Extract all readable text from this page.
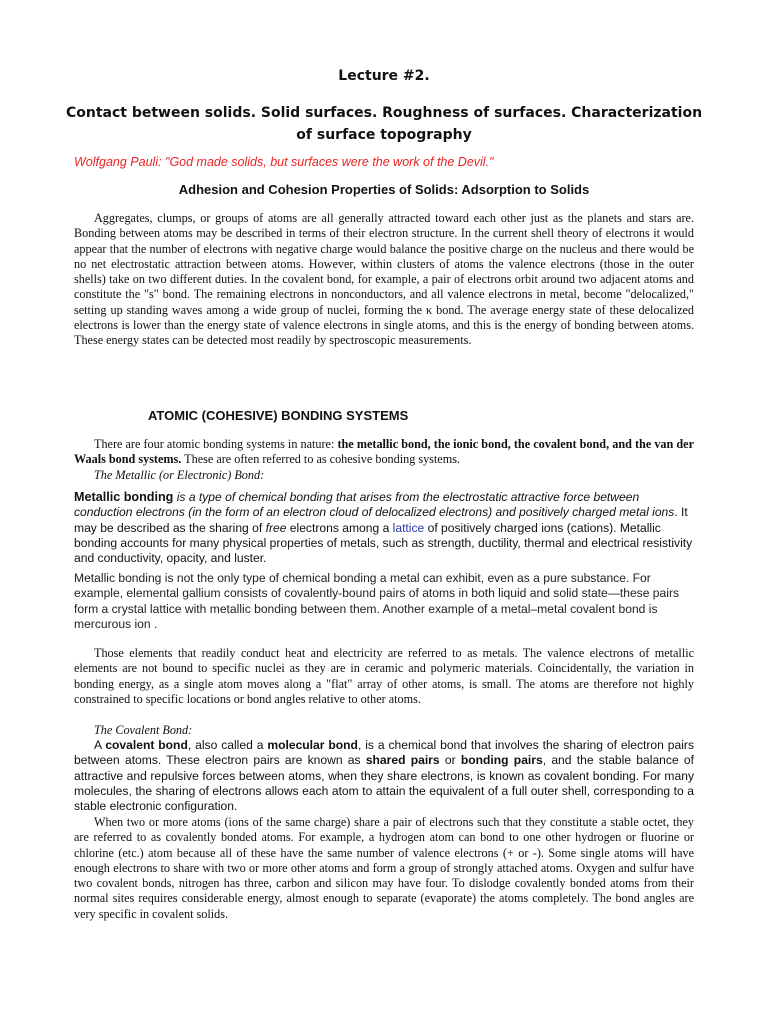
Lecture #2.
Contact between solids. Solid surfaces. Roughness of surfaces. Characterization of surface topography
Wolfgang Pauli: "God made solids, but surfaces were the work of the Devil."
Adhesion and Cohesion Properties of Solids: Adsorption to Solids

Aggregates, clumps, or groups of atoms are all generally attracted toward each other just as the planets and stars are. Bonding between atoms may be described in terms of their electron structure. In the current shell theory of electrons it would appear that the number of electrons with negative charge would balance the positive charge on the nucleus and there would be no net electrostatic attraction between atoms. However, within clusters of atoms the valence electrons (those in the outer shells) take on two different duties. In the covalent bond, for example, a pair of electrons orbit around two adjacent atoms and constitute the "s" bond. The remaining electrons in nonconductors, and all valence electrons in metal, become "delocalized," setting up standing waves among a wide group of nuclei, forming the κ bond. The average energy state of these delocalized electrons is lower than the energy state of valence electrons in single atoms, and this is the energy of bonding between atoms. These energy states can be detected most readily by spectroscopic measurements.

ATOMIC (COHESIVE) BONDING SYSTEMS

There are four atomic bonding systems in nature: the metallic bond, the ionic bond, the covalent bond, and the van der Waals bond systems. These are often referred to as cohesive bonding systems.

The Metallic (or Electronic) Bond:

Metallic bonding is a type of chemical bonding that arises from the electrostatic attractive force between conduction electrons (in the form of an electron cloud of delocalized electrons) and positively charged metal ions. It may be described as the sharing of free electrons among a lattice of positively charged ions (cations). Metallic bonding accounts for many physical properties of metals, such as strength, ductility, thermal and electrical resistivity and conductivity, opacity, and luster.

Metallic bonding is not the only type of chemical bonding a metal can exhibit, even as a pure substance. For example, elemental gallium consists of covalently-bound pairs of atoms in both liquid and solid state—these pairs form a crystal lattice with metallic bonding between them. Another example of a metal–metal covalent bond is mercurous ion .

Those elements that readily conduct heat and electricity are referred to as metals. The valence electrons of metallic elements are not bound to specific nuclei as they are in ceramic and polymeric materials. Coincidentally, the variation in bonding energy, as a single atom moves along a "flat" array of other atoms, is small. The atoms are therefore not highly constrained to specific locations or bond angles relative to other atoms.

The Covalent Bond:

A covalent bond, also called a molecular bond, is a chemical bond that involves the sharing of electron pairs between atoms. These electron pairs are known as shared pairs or bonding pairs, and the stable balance of attractive and repulsive forces between atoms, when they share electrons, is known as covalent bonding. For many molecules, the sharing of electrons allows each atom to attain the equivalent of a full outer shell, corresponding to a stable electronic configuration.

When two or more atoms (ions of the same charge) share a pair of electrons such that they constitute a stable octet, they are referred to as covalently bonded atoms. For example, a hydrogen atom can bond to one other hydrogen or fluorine or chlorine (etc.) atom because all of these have the same number of valence electrons (+ or -). Some single atoms will have enough electrons to share with two or more other atoms and form a group of strongly attached atoms. Oxygen and sulfur have two covalent bonds, nitrogen has three, carbon and silicon may have four. To dislodge covalently bonded atoms from their normal sites requires considerable energy, almost enough to separate (evaporate) the atoms completely. The bond angles are very specific in covalent solids.
